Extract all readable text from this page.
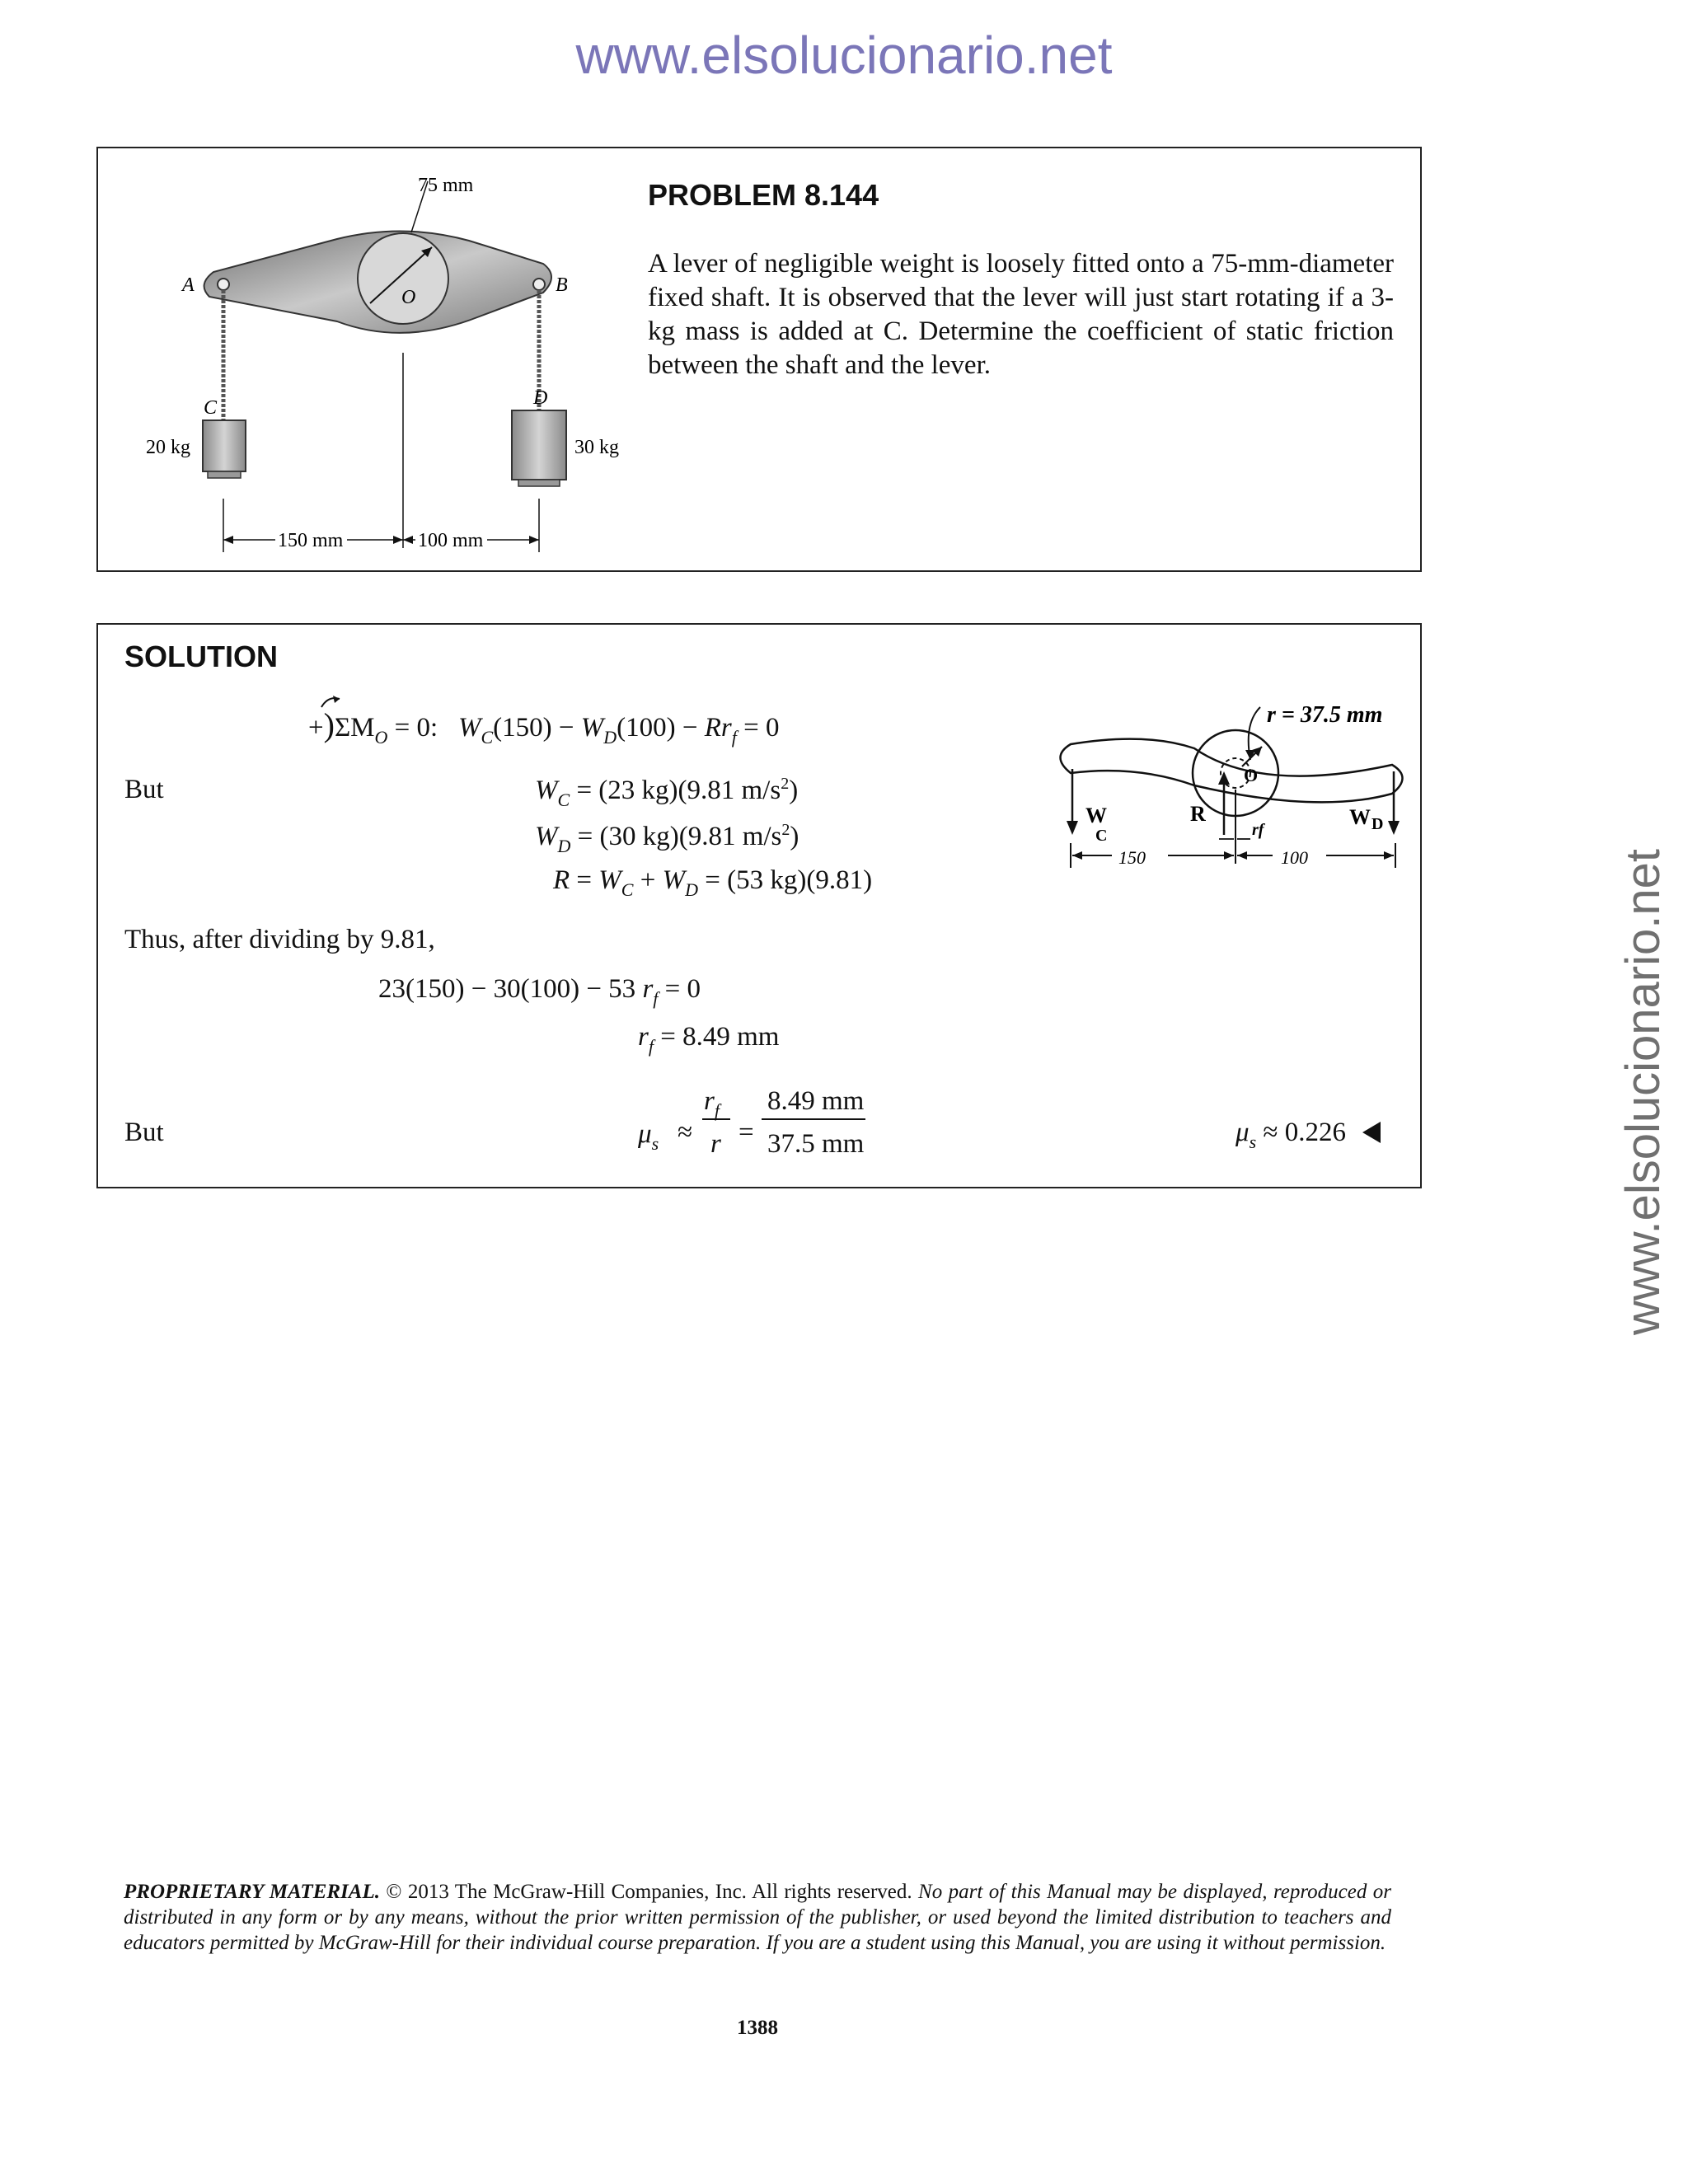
www.elsolucionario.net
www.elsolucionario.net
75 mm
A	B
O
C	D
20 kg	30 kg
150 mm	100 mm
PROBLEM 8.144
A lever of negligible weight is loosely fitted onto a 75-mm-diameter fixed shaft. It is observed that the lever will just start rotating if a 3-kg mass is added at C. Determine the coefficient of static friction between the shaft and the lever.
SOLUTION
+)
$\Sigma M_O = 0$:   $W_C(150) - W_D(100) - Rr_f = 0$
But	$W_C = (23$ kg)(9.81 $m/s^2$)
$W_D = (30$ kg)(9.81 $m/s^2$)
$R = W_C + W_D = (53$ kg)(9.81)
Thus, after dividing by 9.81,
23(150) − 30(100) − 53 $r_f = 0$
$r_f = 8.49$ mm
But	$\mu_s$ ≈
$r_f$
r =
8.49 mm
37.5 mm	$\mu_s \approx 0.226$
r = 37.5 mm
W
C
R
rf
O
W D
150	100
PROPRIETARY MATERIAL. © 2013 The McGraw-Hill Companies, Inc. All rights reserved. No part of this Manual may be displayed, reproduced or distributed in any form or by any means, without the prior written permission of the publisher, or used beyond the limited distribution to teachers and educators permitted by McGraw-Hill for their individual course preparation. If you are a student using this Manual, you are using it without permission.
1388
